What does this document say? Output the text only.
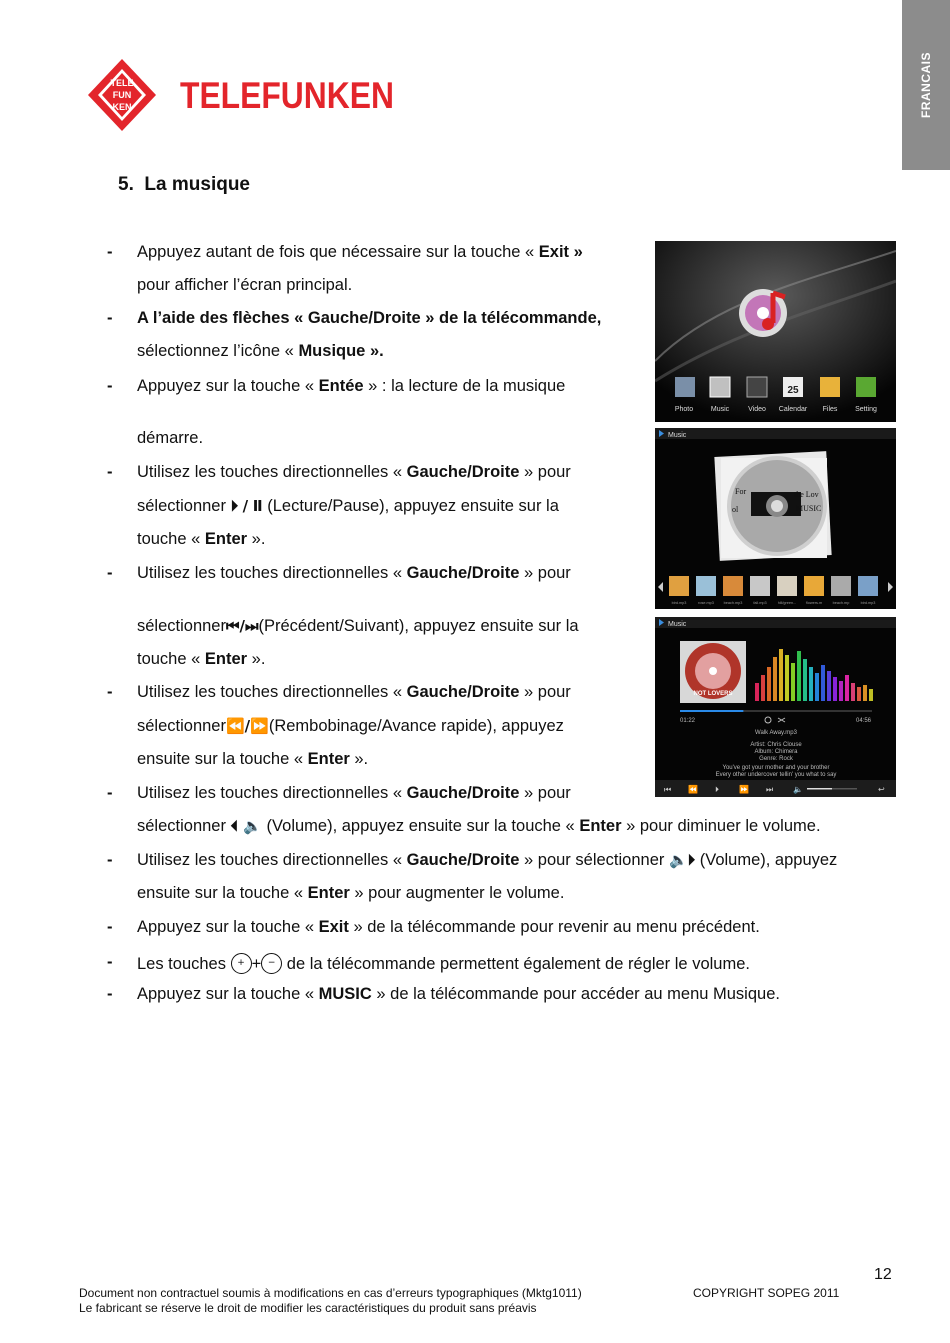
FRANCAIS
TELE
FUN
KEN TELEFUNKEN
5. La musique
-
-
-
-
-
-
-
-
-
-
-
Appuyez autant de fois que nécessaire sur la touche « Exit »
pour afficher l’écran principal.
A l’aide des flèches « Gauche/Droite » de la télécommande,
sélectionnez l’icône « Musique ».
Appuyez sur la touche « Entée » : la lecture de la musique
démarre.
Utilisez les touches directionnelles « Gauche/Droite » pour
sélectionner ⏵ / Ⅱ (Lecture/Pause), appuyez ensuite sur la
touche « Enter ».
Utilisez les touches directionnelles « Gauche/Droite » pour
sélectionner⏮/⏭(Précédent/Suivant), appuyez ensuite sur la
touche « Enter ».
Utilisez les touches directionnelles « Gauche/Droite » pour
sélectionner⏪/⏩(Rembobinage/Avance rapide), appuyez
ensuite sur la touche « Enter ».
Utilisez les touches directionnelles « Gauche/Droite » pour
sélectionner ⏴ 🔈 (Volume), appuyez ensuite sur la touche « Enter » pour diminuer le volume.
Utilisez les touches directionnelles « Gauche/Droite » pour sélectionner 🔈⏵ (Volume), appuyez
ensuite sur la touche « Enter » pour augmenter le volume.
Appuyez sur la touche « Exit » de la télécommande pour revenir au menu précédent.
Les touches + + − de la télécommande permettent également de régler le volume.
Appuyez sur la touche « MUSIC » de la télécommande pour accéder au menu Musique.
25
Photo	Music	Video Calendar Files	Setting
Music
For	the Lov
MUSIC
ol
bird.mp3	rose.mp3	beach.mp3	fall.mp3	hill/green...	flowers.m	beach.mp	bird.mp3
Music
NOT LOVERS
01:22	04:56
Walk Away.mp3
Artist: Chris Clouse
Album: Chimera
Genre: Rock
You've got your mother and your brother
Every other undercover tellin' you what to say
⏮ ⏪ ⏵	⏩ ⏭ 🔈	↩
12
Document non contractuel soumis à modifications en cas d’erreurs typographiques (Mktg1011)
Le fabricant se réserve le droit de modifier les caractéristiques du produit sans préavis
COPYRIGHT SOPEG 2011
